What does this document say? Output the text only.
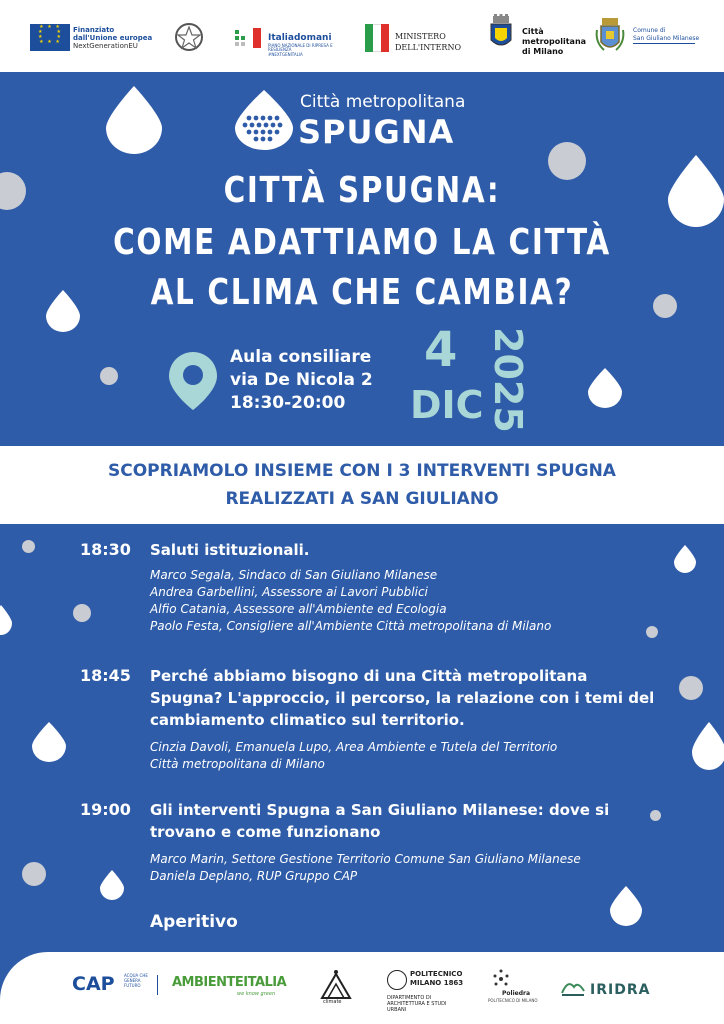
★ ★ ★
★     ★
★     ★
★ ★ ★
Finanziato
dall'Unione europea
NextGenerationEU
Italiadomani
PIANO NAZIONALE DI RIPRESA E RESILIENZA
#NEXTGENITALIA
MINISTERO
DELL'INTERNO
Città
metropolitana
di Milano
Comune di
San Giuliano Milanese
Città metropolitana
SPUGNA
CITTÀ SPUGNA:
COME ADATTIAMO LA CITTÀ
AL CLIMA CHE CAMBIA?
Aula consiliare
via De Nicola 2
18:30-20:00
4
DIC 2025
SCOPRIAMOLO INSIEME CON I 3 INTERVENTI SPUGNA
REALIZZATI A SAN GIULIANO
18:30	Saluti istituzionali.
Marco Segala, Sindaco di San Giuliano Milanese
Andrea Garbellini, Assessore ai Lavori Pubblici
Alfio Catania, Assessore all'Ambiente ed Ecologia
Paolo Festa, Consigliere all'Ambiente Città metropolitana di Milano
18:45	Perché abbiamo bisogno di una Città metropolitana Spugna? L'approccio, il percorso, la relazione con i temi del cambiamento climatico sul territorio.
Cinzia Davoli, Emanuela Lupo, Area Ambiente e Tutela del Territorio
Città metropolitana di Milano
19:00	Gli interventi Spugna a San Giuliano Milanese: dove si trovano e come funzionano
Marco Marin, Settore Gestione Territorio Comune San Giuliano Milanese
Daniela Deplano, RUP Gruppo CAP
Aperitivo
CAP ACQUA CHE GENERA FUTURO	AMBIENTEITALIA
we know green
climate
POLITECNICO
MILANO 1863
DIPARTIMENTO DI ARCHITETTURA E STUDI URBANI
Poliedra
POLITECNICO DI MILANO
IRIDRA
